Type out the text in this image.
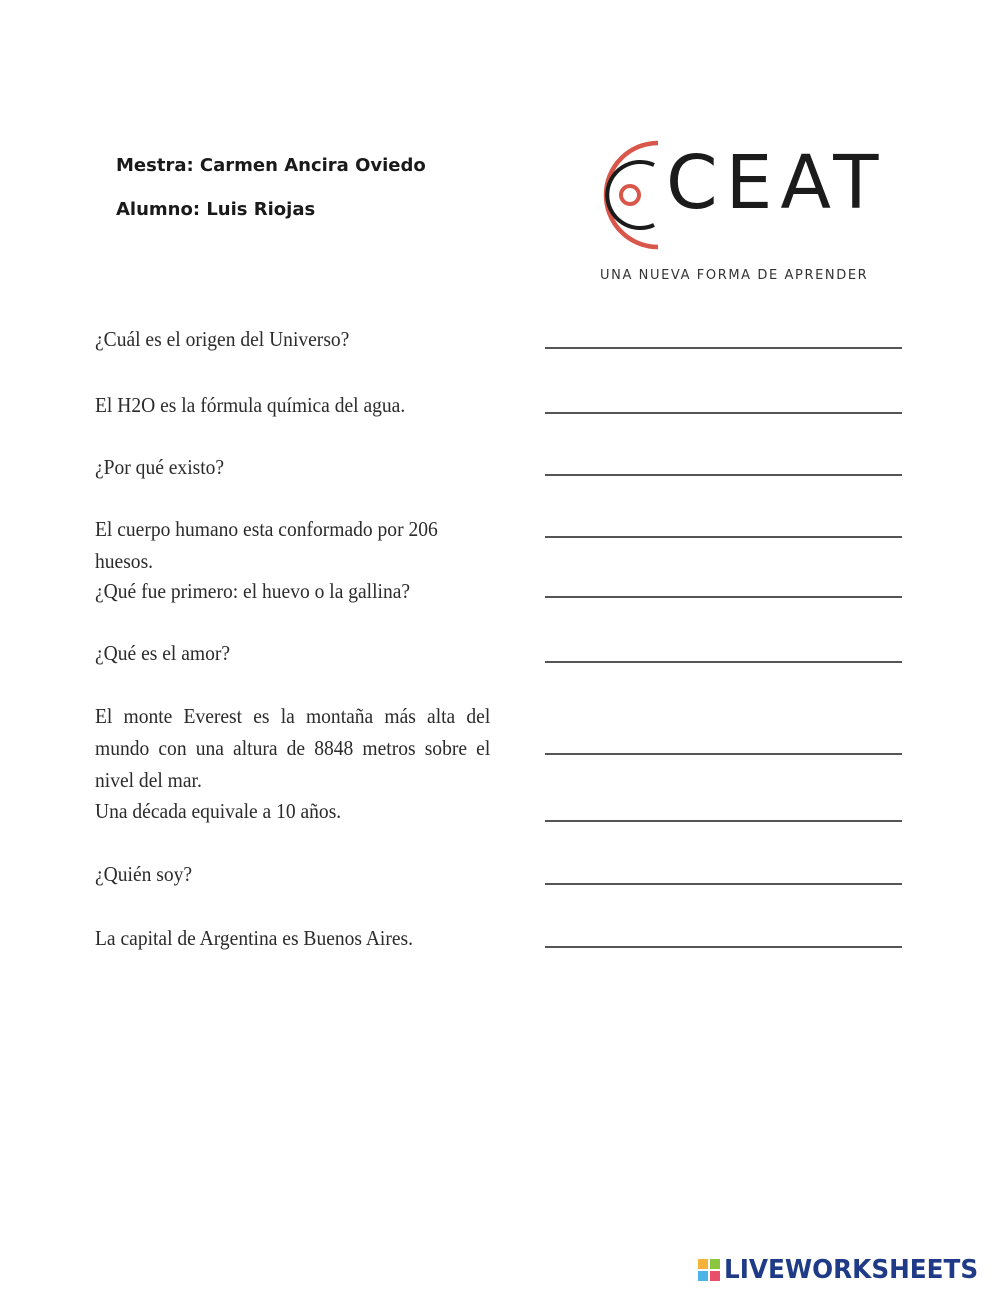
Mestra: Carmen Ancira Oviedo
Alumno: Luis Riojas	CEAT
UNA NUEVA FORMA DE APRENDER
¿Cuál es el origen del Universo?
El H2O es la fórmula química del agua.
¿Por qué existo?
El cuerpo humano esta conformado por 206 huesos.
¿Qué fue primero: el huevo o la gallina?
¿Qué es el amor?
El monte Everest es la montaña más alta del mundo con una altura de 8848 metros sobre el nivel del mar.
Una década equivale a 10 años.
¿Quién soy?
La capital de Argentina es Buenos Aires.
LIVEWORKSHEETS
